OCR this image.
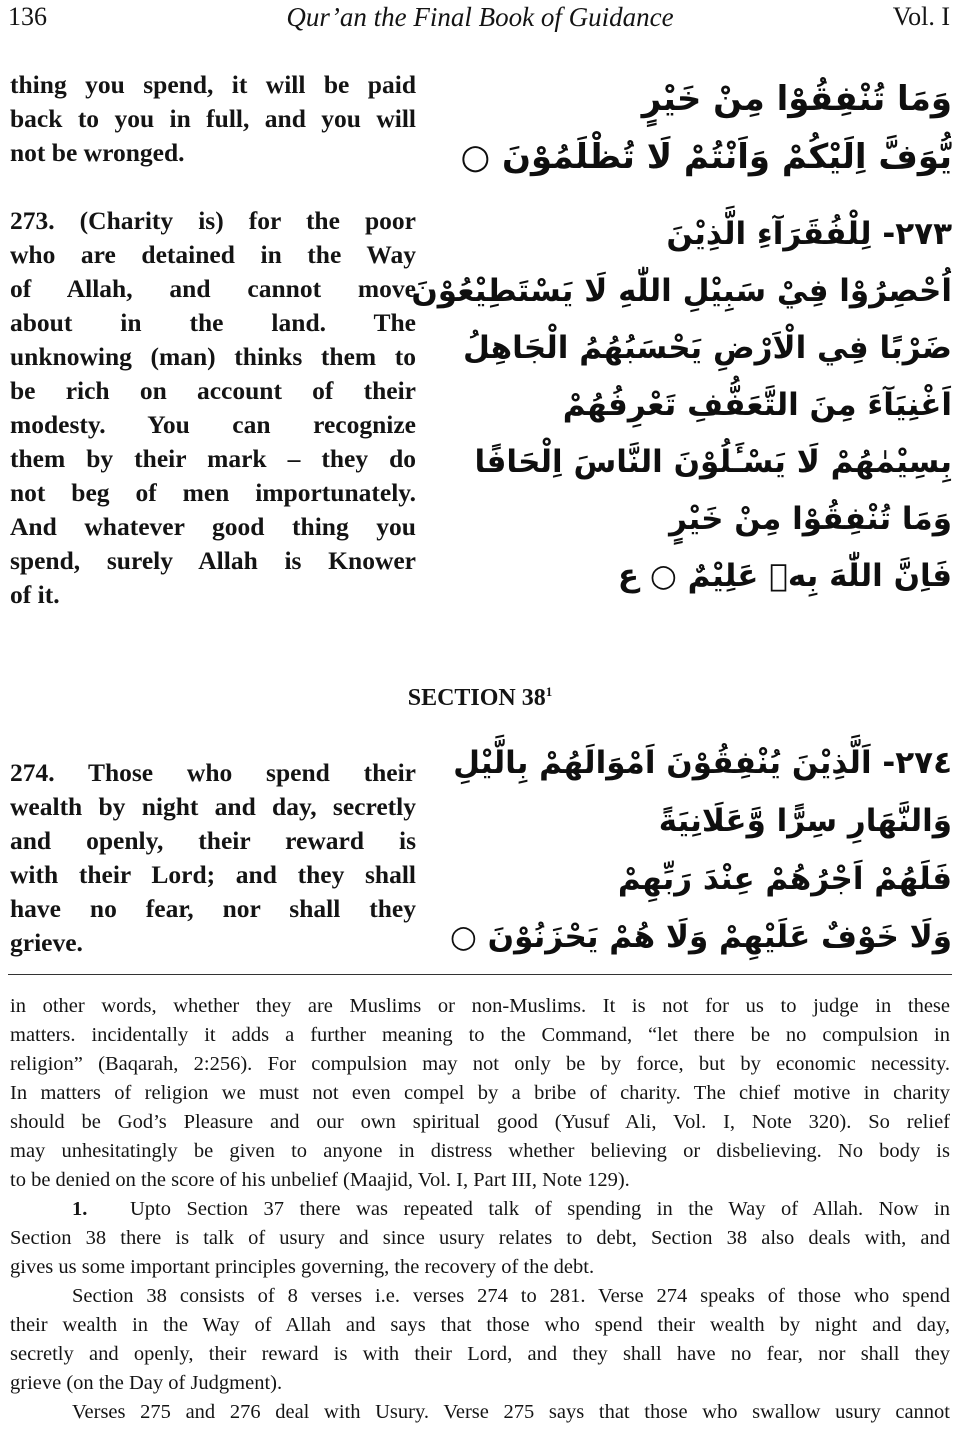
136	Qur’an the Final Book of Guidance	Vol. I
thing you spend, it will be paid
back to you in full, and you will
not be wronged.
وَمَا تُنْفِقُوْا مِنْ خَيْرٍ
يُّوَفَّ اِلَيْكُمْ وَاَنْتُمْ لَا تُظْلَمُوْنَ ○
273. (Charity is) for the poor
who are detained in the Way
of Allah, and cannot move
about in the land. The
unknowing (man) thinks them to
be rich on account of their
modesty. You can recognize
them by their mark – they do
not beg of men importunately.
And whatever good thing you
spend, surely Allah is Knower
of it.
٢٧٣- لِلْفُقَرَآءِ الَّذِيْنَ
اُحْصِرُوْا فِيْ سَبِيْلِ اللّٰهِ لَا يَسْتَطِيْعُوْنَ
ضَرْبًا فِي الْاَرْضِ يَحْسَبُهُمُ الْجَاهِلُ
اَغْنِيَآءَ مِنَ التَّعَفُّفِ تَعْرِفُهُمْ
بِسِيْمٰهُمْ لَا يَسْـَٔلُوْنَ النَّاسَ اِلْحَافًا
وَمَا تُنْفِقُوْا مِنْ خَيْرٍ
فَاِنَّ اللّٰهَ بِهٖ عَلِيْمٌ ○ ع
SECTION $38^1$
274. Those who spend their
wealth by night and day, secretly
and openly, their reward is
with their Lord; and they shall
have no fear, nor shall they
grieve.
٢٧٤- اَلَّذِيْنَ يُنْفِقُوْنَ اَمْوَالَهُمْ بِالَّيْلِ
وَالنَّهَارِ سِرًّا وَّعَلَانِيَةً
فَلَهُمْ اَجْرُهُمْ عِنْدَ رَبِّهِمْ
وَلَا خَوْفٌ عَلَيْهِمْ وَلَا هُمْ يَحْزَنُوْنَ ○
in other words, whether they are Muslims or non-Muslims. It is not for us to judge in these
matters. incidentally it adds a further meaning to the Command, “let there be no compulsion in
religion” (Baqarah, 2:256). For compulsion may not only be by force, but by economic necessity.
In matters of religion we must not even compel by a bribe of charity. The chief motive in charity
should be God’s Pleasure and our own spiritual good (Yusuf Ali, Vol. I, Note 320). So relief
may unhesitatingly be given to anyone in distress whether believing or disbelieving. No body is
to be denied on the score of his unbelief (Maajid, Vol. I, Part III, Note 129).
1. Upto Section 37 there was repeated talk of spending in the Way of Allah. Now in
Section 38 there is talk of usury and since usury relates to debt, Section 38 also deals with, and
gives us some important principles governing, the recovery of the debt.
Section 38 consists of 8 verses i.e. verses 274 to 281. Verse 274 speaks of those who spend
their wealth in the Way of Allah and says that those who spend their wealth by night and day,
secretly and openly, their reward is with their Lord, and they shall have no fear, nor shall they
grieve (on the Day of Judgment).
Verses 275 and 276 deal with Usury. Verse 275 says that those who swallow usury cannot
